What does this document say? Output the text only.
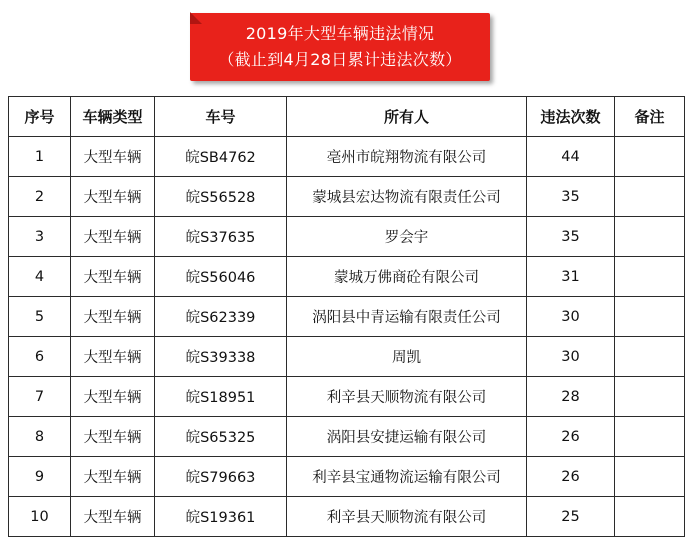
2019年大型车辆违法情况
（截止到4月28日累计违法次数）
序号	车辆类型	车号	所有人	违法次数	备注
1	大型车辆	皖SB4762	亳州市皖翔物流有限公司	44	
2	大型车辆	皖S56528	蒙城县宏达物流有限责任公司	35	
3	大型车辆	皖S37635	罗会宇	35	
4	大型车辆	皖S56046	蒙城万佛商砼有限公司	31	
5	大型车辆	皖S62339	涡阳县中青运输有限责任公司	30	
6	大型车辆	皖S39338	周凯	30	
7	大型车辆	皖S18951	利辛县天顺物流有限公司	28	
8	大型车辆	皖S65325	涡阳县安捷运输有限公司	26	
9	大型车辆	皖S79663	利辛县宝通物流运输有限公司	26	
10	大型车辆	皖S19361	利辛县天顺物流有限公司	25	
